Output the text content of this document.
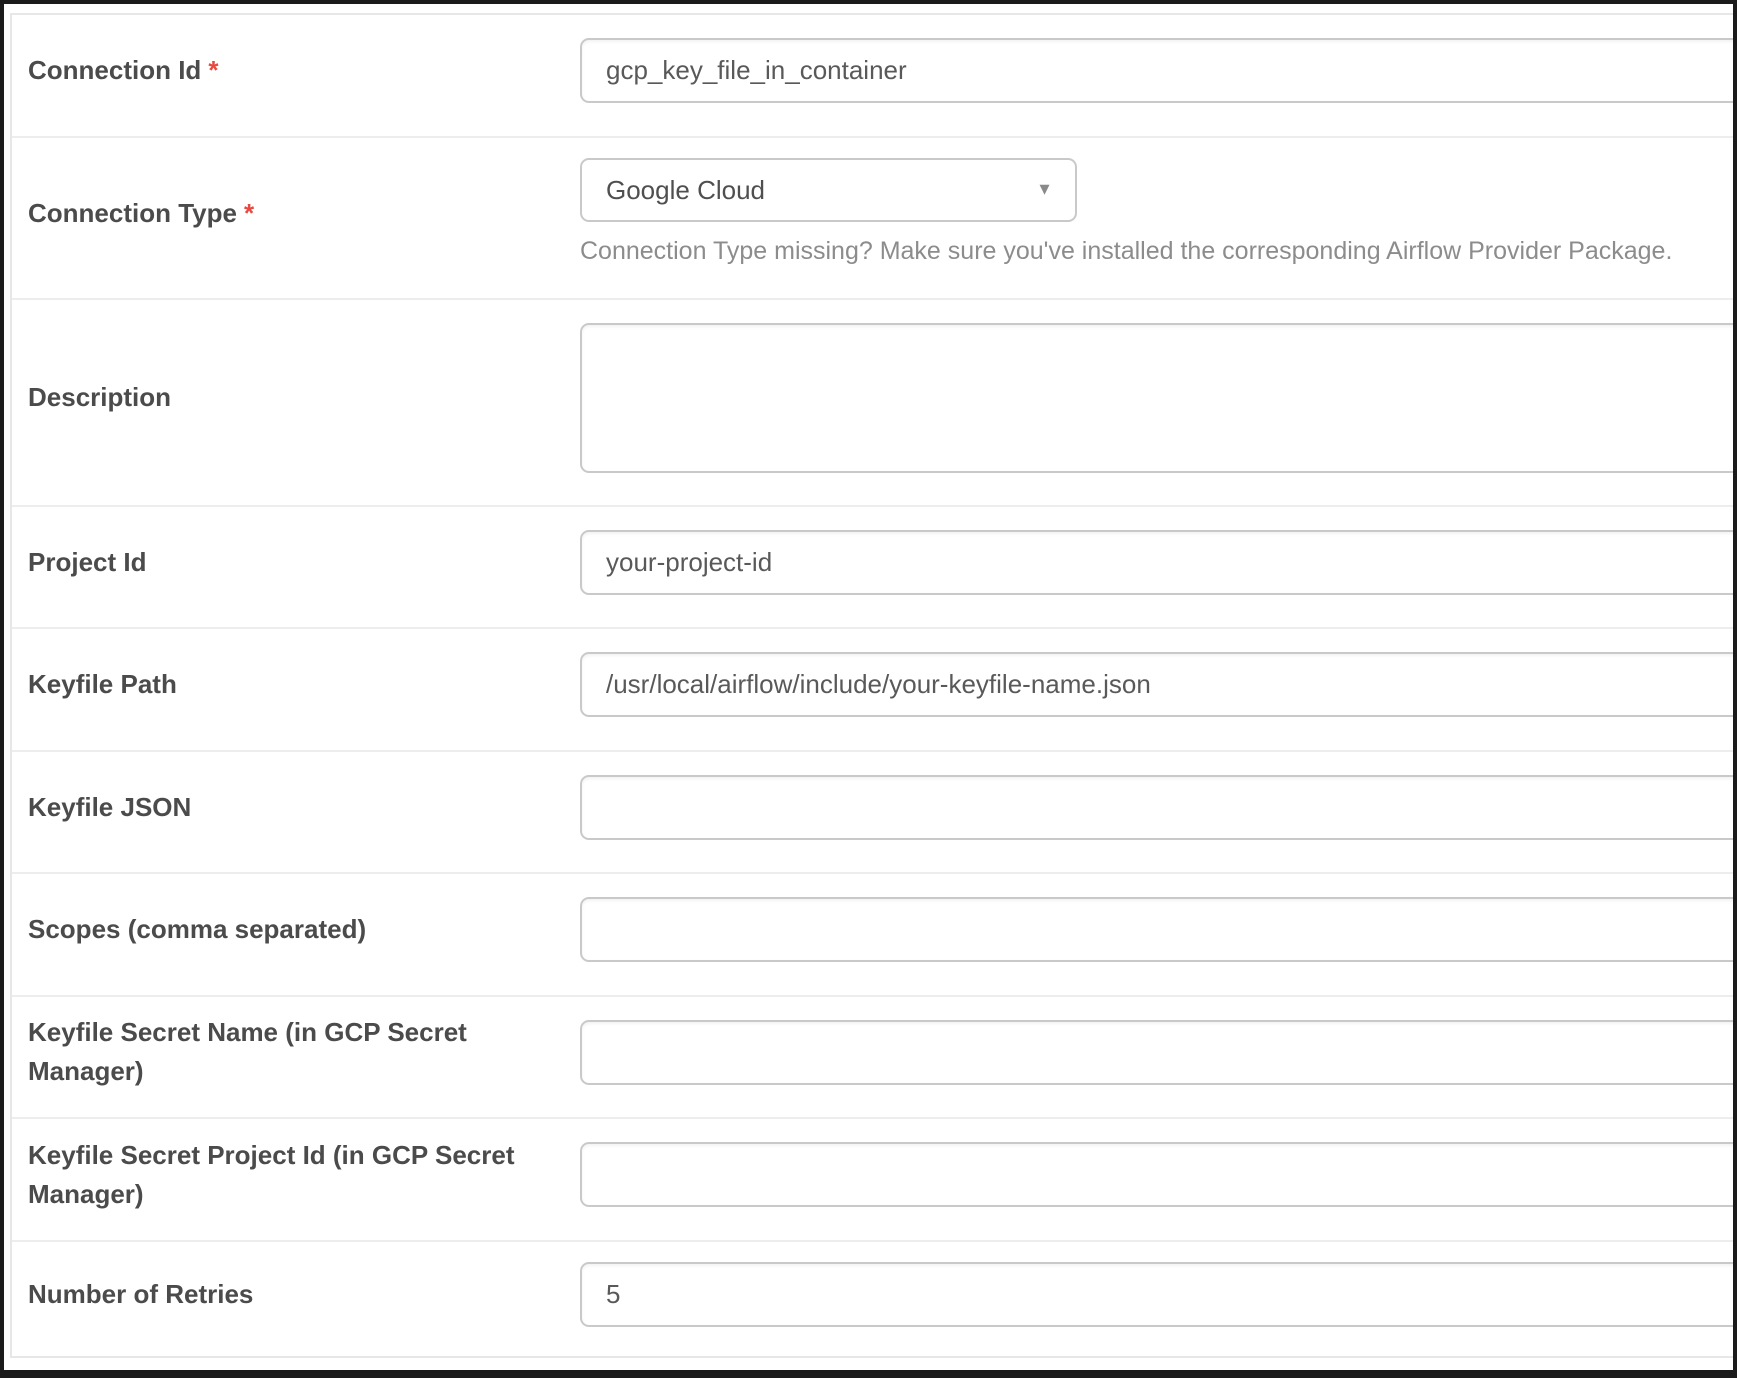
Connection Id *
gcp_key_file_in_container
Connection Type *
Google Cloud	▼
Connection Type missing? Make sure you've installed the corresponding Airflow Provider Package.
Description
Project Id
your-project-id
Keyfile Path
/usr/local/airflow/include/your-keyfile-name.json
Keyfile JSON
Scopes (comma separated)
Keyfile Secret Name (in GCP Secret Manager)
Keyfile Secret Project Id (in GCP Secret Manager)
Number of Retries
5
